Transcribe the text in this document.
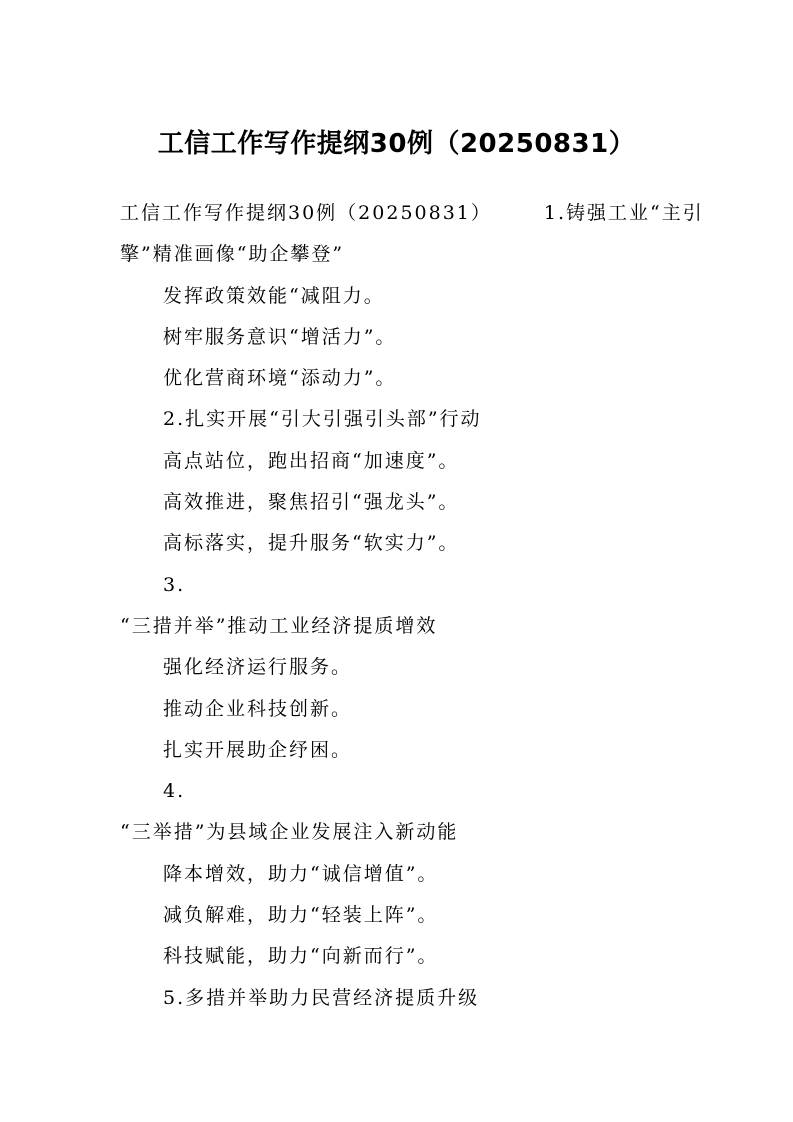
工信工作写作提纲30例（20250831）
工信工作写作提纲30例（20250831）	1.铸强工业“主引
擎”精准画像“助企攀登”
发挥政策效能“减阻力。
树牢服务意识“增活力”。
优化营商环境“添动力”。
2.扎实开展“引大引强引头部”行动
高点站位，跑出招商“加速度”。
高效推进，聚焦招引“强龙头”。
高标落实，提升服务“软实力”。
3.
“三措并举”推动工业经济提质增效
强化经济运行服务。
推动企业科技创新。
扎实开展助企纾困。
4.
“三举措”为县域企业发展注入新动能
降本增效，助力“诚信增值”。
减负解难，助力“轻装上阵”。
科技赋能，助力“向新而行”。
5.多措并举助力民营经济提质升级
